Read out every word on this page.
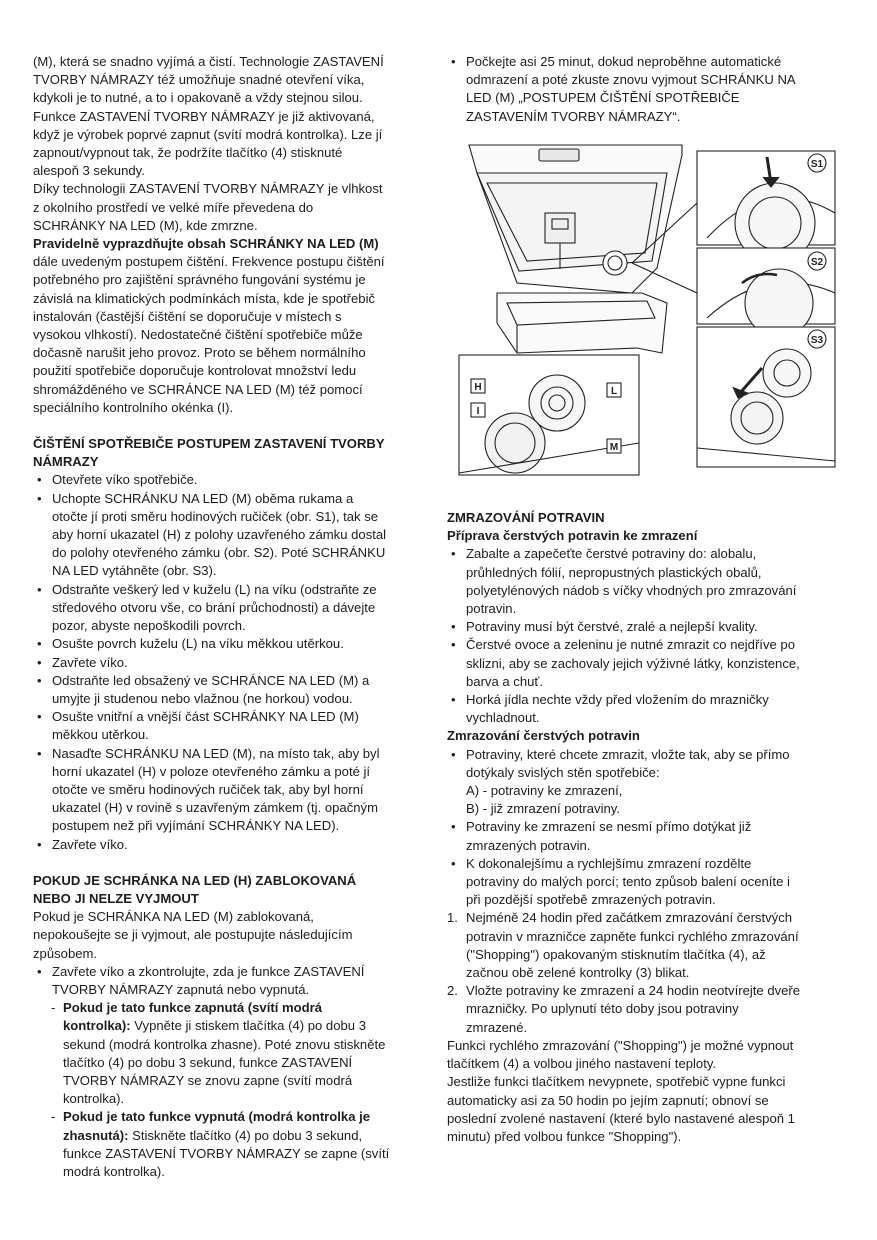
(M), která se snadno vyjímá a čistí. Technologie ZASTAVENÍ
TVORBY NÁMRAZY též umožňuje snadné otevření víka,
kdykoli je to nutné, a to i opakovaně a vždy stejnou silou.
Funkce ZASTAVENÍ TVORBY NÁMRAZY je již aktivovaná,
když je výrobek poprvé zapnut (svítí modrá kontrolka). Lze jí
zapnout/vypnout tak, že podržíte tlačítko (4) stisknuté
alespoň 3 sekundy.
Díky technologii ZASTAVENÍ TVORBY NÁMRAZY je vlhkost
z okolního prostředí ve velké míře převedena do
SCHRÁNKY NA LED (M), kde zmrzne.
Pravidelně vyprazdňujte obsah SCHRÁNKY NA LED (M)
dále uvedeným postupem čištění. Frekvence postupu čištění
potřebného pro zajištění správného fungování systému je
závislá na klimatických podmínkách místa, kde je spotřebič
instalován (častější čištění se doporučuje v místech s
vysokou vlhkostí). Nedostatečné čištění spotřebiče může
dočasně narušit jeho provoz. Proto se během normálního
použití spotřebiče doporučuje kontrolovat množství ledu
shromážděného ve SCHRÁNCE NA LED (M) též pomocí
speciálního kontrolního okénka (I).

ČIŠTĚNÍ SPOTŘEBIČE POSTUPEM ZASTAVENÍ TVORBY
NÁMRAZY

• Otevřete víko spotřebiče.
• Uchopte SCHRÁNKU NA LED (M) oběma rukama a
otočte jí proti směru hodinových ručiček (obr. S1), tak se
aby horní ukazatel (H) z polohy uzavřeného zámku dostal
do polohy otevřeného zámku (obr. S2). Poté SCHRÁNKU
NA LED vytáhněte (obr. S3).
• Odstraňte veškerý led v kuželu (L) na víku (odstraňte ze
středového otvoru vše, co brání průchodnosti) a dávejte
pozor, abyste nepoškodili povrch.
• Osušte povrch kuželu (L) na víku měkkou utěrkou.
• Zavřete víko.
• Odstraňte led obsažený ve SCHRÁNCE NA LED (M) a
umyjte ji studenou nebo vlažnou (ne horkou) vodou.
• Osušte vnitřní a vnější část SCHRÁNKY NA LED (M)
měkkou utěrkou.
• Nasaďte SCHRÁNKU NA LED (M), na místo tak, aby byl
horní ukazatel (H) v poloze otevřeného zámku a poté jí
otočte ve směru hodinových ručiček tak, aby byl horní
ukazatel (H) v rovině s uzavřeným zámkem (tj. opačným
postupem než při vyjímání SCHRÁNKY NA LED).
• Zavřete víko.

POKUD JE SCHRÁNKA NA LED (H) ZABLOKOVANÁ
NEBO JI NELZE VYJMOUT

Pokud je SCHRÁNKA NA LED (M) zablokovaná,
nepokoušejte se ji vyjmout, ale postupujte následujícím
způsobem.

• Zavřete víko a zkontrolujte, zda je funkce ZASTAVENÍ
TVORBY NÁMRAZY zapnutá nebo vypnutá.
- Pokud je tato funkce zapnutá (svítí modrá
kontrolka): Vypněte ji stiskem tlačítka (4) po dobu 3
sekund (modrá kontrolka zhasne). Poté znovu stiskněte
tlačítko (4) po dobu 3 sekund, funkce ZASTAVENÍ
TVORBY NÁMRAZY se znovu zapne (svítí modrá
kontrolka).
- Pokud je tato funkce vypnutá (modrá kontrolka je
zhasnutá): Stiskněte tlačítko (4) po dobu 3 sekund,
funkce ZASTAVENÍ TVORBY NÁMRAZY se zapne (svítí
modrá kontrolka).
• Počkejte asi 25 minut, dokud neproběhne automatické
odmrazení a poté zkuste znovu vyjmout SCHRÁNKU NA
LED (M) „POSTUPEM ČIŠTĚNÍ SPOTŘEBIČE
ZASTAVENÍM TVORBY NÁMRAZY“.
S1
S2
S3
H
I
L
M

ZMRAZOVÁNÍ POTRAVIN

Příprava čerstvých potravin ke zmrazení

• Zabalte a zapečeťte čerstvé potraviny do: alobalu,
průhledných fólií, nepropustných plastických obalů,
polyetylénových nádob s víčky vhodných pro zmrazování
potravin.
• Potraviny musí být čerstvé, zralé a nejlepší kvality.
• Čerstvé ovoce a zeleninu je nutné zmrazit co nejdříve po
sklizni, aby se zachovaly jejich výživné látky, konzistence,
barva a chuť.
• Horká jídla nechte vždy před vložením do mrazničky
vychladnout.

Zmrazování čerstvých potravin

• Potraviny, které chcete zmrazit, vložte tak, aby se přímo
dotýkaly svislých stěn spotřebiče:
A) - potraviny ke zmrazení,
B) - již zmrazení potraviny.
• Potraviny ke zmrazení se nesmí přímo dotýkat již
zmrazených potravin.
• K dokonalejšímu a rychlejšímu zmrazení rozdělte
potraviny do malých porcí; tento způsob balení oceníte i
při pozdější spotřebě zmrazených potravin.
1. Nejméně 24 hodin před začátkem zmrazování čerstvých
potravin v mrazničce zapněte funkci rychlého zmrazování
("Shopping") opakovaným stisknutím tlačítka (4), až
začnou obě zelené kontrolky (3) blikat.
2. Vložte potraviny ke zmrazení a 24 hodin neotvírejte dveře
mrazničky. Po uplynutí této doby jsou potraviny
zmrazené.

Funkci rychlého zmrazování ("Shopping") je možné vypnout
tlačítkem (4) a volbou jiného nastavení teploty.
Jestliže funkci tlačítkem nevypnete, spotřebič vypne funkci
automaticky asi za 50 hodin po jejím zapnutí; obnoví se
poslední zvolené nastavení (které bylo nastavené alespoň 1
minutu) před volbou funkce "Shopping").
